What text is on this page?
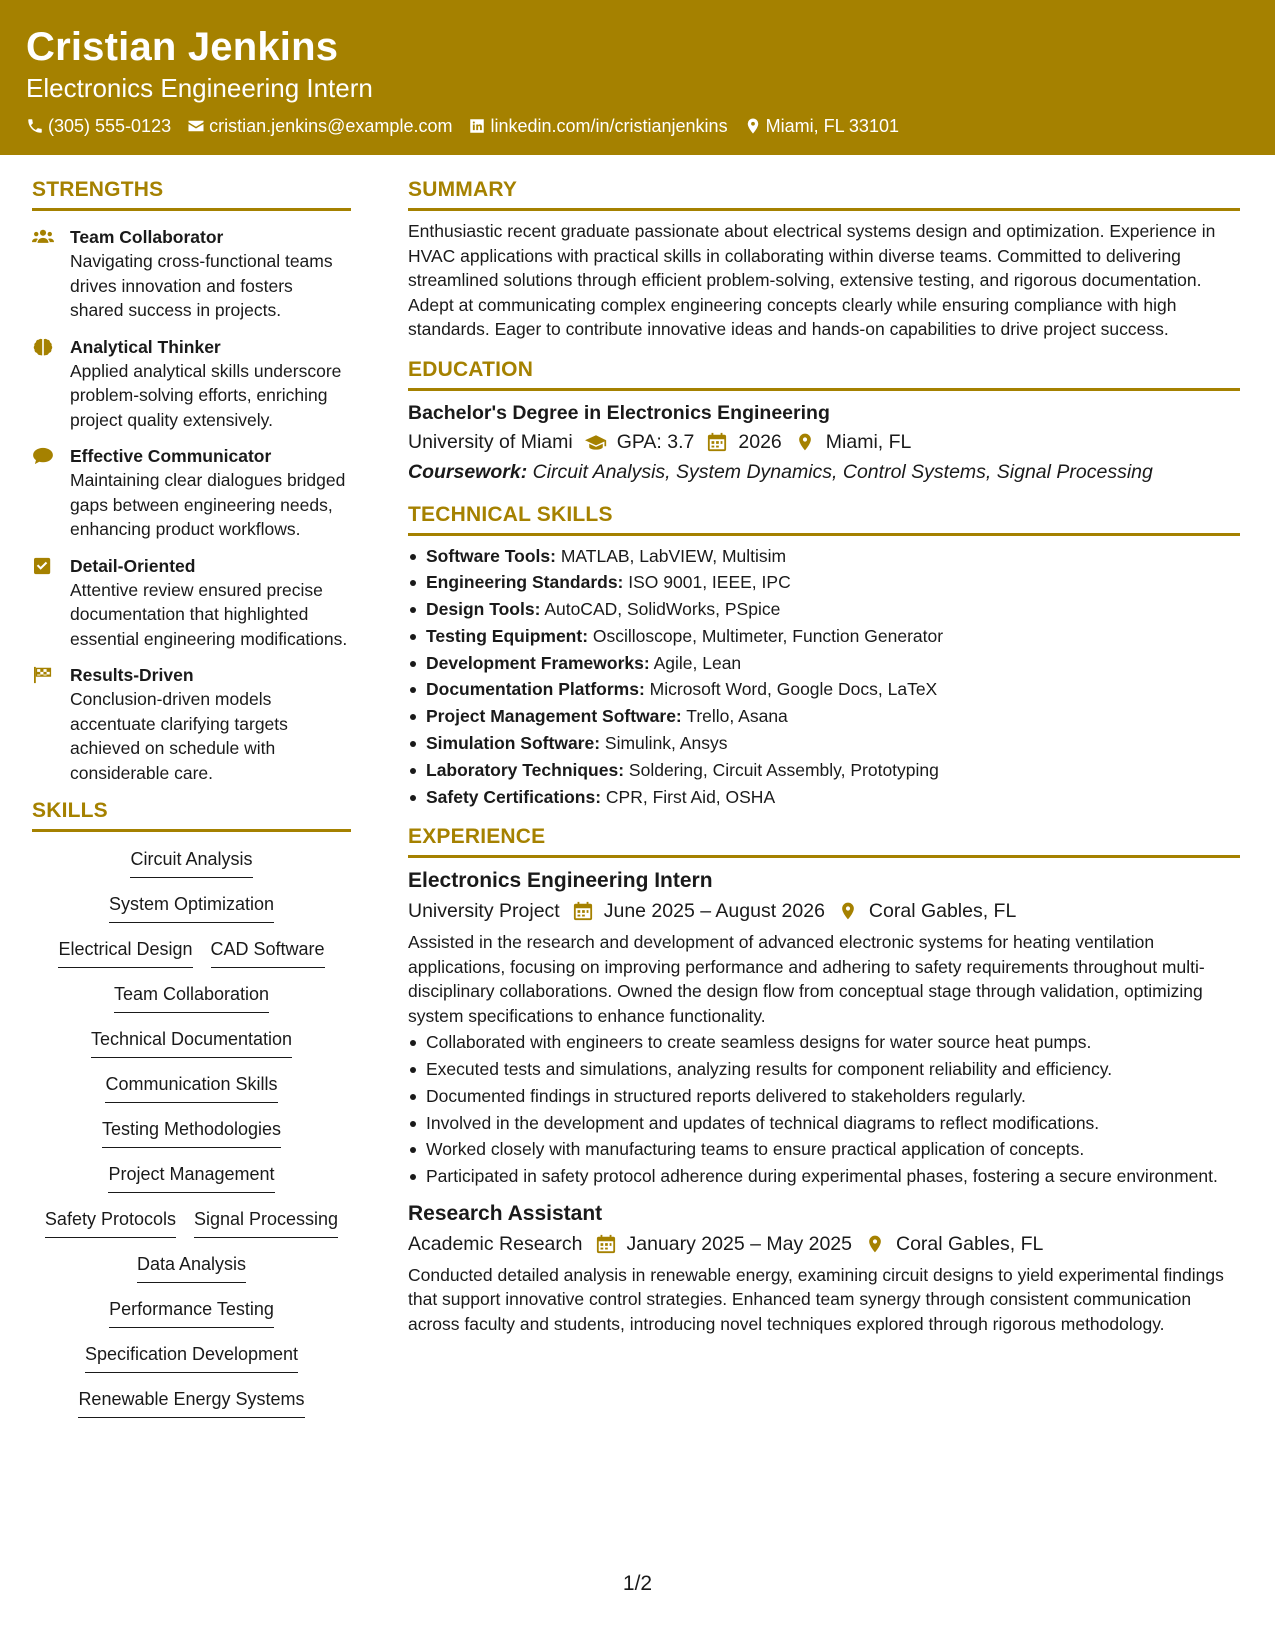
Cristian Jenkins
Electronics Engineering Intern
(305) 555-0123 cristian.jenkins@example.com linkedin.com/in/cristianjenkins Miami, FL 33101
STRENGTHS
Team Collaborator
Navigating cross-functional teams drives innovation and fosters shared success in projects.
Analytical Thinker
Applied analytical skills underscore problem-solving efforts, enriching project quality extensively.
Effective Communicator
Maintaining clear dialogues bridged gaps between engineering needs, enhancing product workflows.
Detail-Oriented
Attentive review ensured precise documentation that highlighted essential engineering modifications.
Results-Driven
Conclusion-driven models accentuate clarifying targets achieved on schedule with considerable care.
SKILLS
Circuit Analysis
System Optimization
Electrical Design CAD Software
Team Collaboration
Technical Documentation
Communication Skills
Testing Methodologies
Project Management
Safety Protocols Signal Processing
Data Analysis
Performance Testing
Specification Development
Renewable Energy Systems
SUMMARY
Enthusiastic recent graduate passionate about electrical systems design and optimization. Experience in HVAC applications with practical skills in collaborating within diverse teams. Committed to delivering streamlined solutions through efficient problem-solving, extensive testing, and rigorous documentation. Adept at communicating complex engineering concepts clearly while ensuring compliance with high standards. Eager to contribute innovative ideas and hands-on capabilities to drive project success.
EDUCATION
Bachelor's Degree in Electronics Engineering
University of Miami GPA: 3.7 2026 Miami, FL
Coursework: Circuit Analysis, System Dynamics, Control Systems, Signal Processing
TECHNICAL SKILLS
Software Tools: MATLAB, LabVIEW, Multisim
Engineering Standards: ISO 9001, IEEE, IPC
Design Tools: AutoCAD, SolidWorks, PSpice
Testing Equipment: Oscilloscope, Multimeter, Function Generator
Development Frameworks: Agile, Lean
Documentation Platforms: Microsoft Word, Google Docs, LaTeX
Project Management Software: Trello, Asana
Simulation Software: Simulink, Ansys
Laboratory Techniques: Soldering, Circuit Assembly, Prototyping
Safety Certifications: CPR, First Aid, OSHA
EXPERIENCE
Electronics Engineering Intern
University Project June 2025 – August 2026 Coral Gables, FL
Assisted in the research and development of advanced electronic systems for heating ventilation applications, focusing on improving performance and adhering to safety requirements throughout multi-disciplinary collaborations. Owned the design flow from conceptual stage through validation, optimizing system specifications to enhance functionality.
Collaborated with engineers to create seamless designs for water source heat pumps.
Executed tests and simulations, analyzing results for component reliability and efficiency.
Documented findings in structured reports delivered to stakeholders regularly.
Involved in the development and updates of technical diagrams to reflect modifications.
Worked closely with manufacturing teams to ensure practical application of concepts.
Participated in safety protocol adherence during experimental phases, fostering a secure environment.
Research Assistant
Academic Research January 2025 – May 2025 Coral Gables, FL
Conducted detailed analysis in renewable energy, examining circuit designs to yield experimental findings that support innovative control strategies. Enhanced team synergy through consistent communication across faculty and students, introducing novel techniques explored through rigorous methodology.
1/2
